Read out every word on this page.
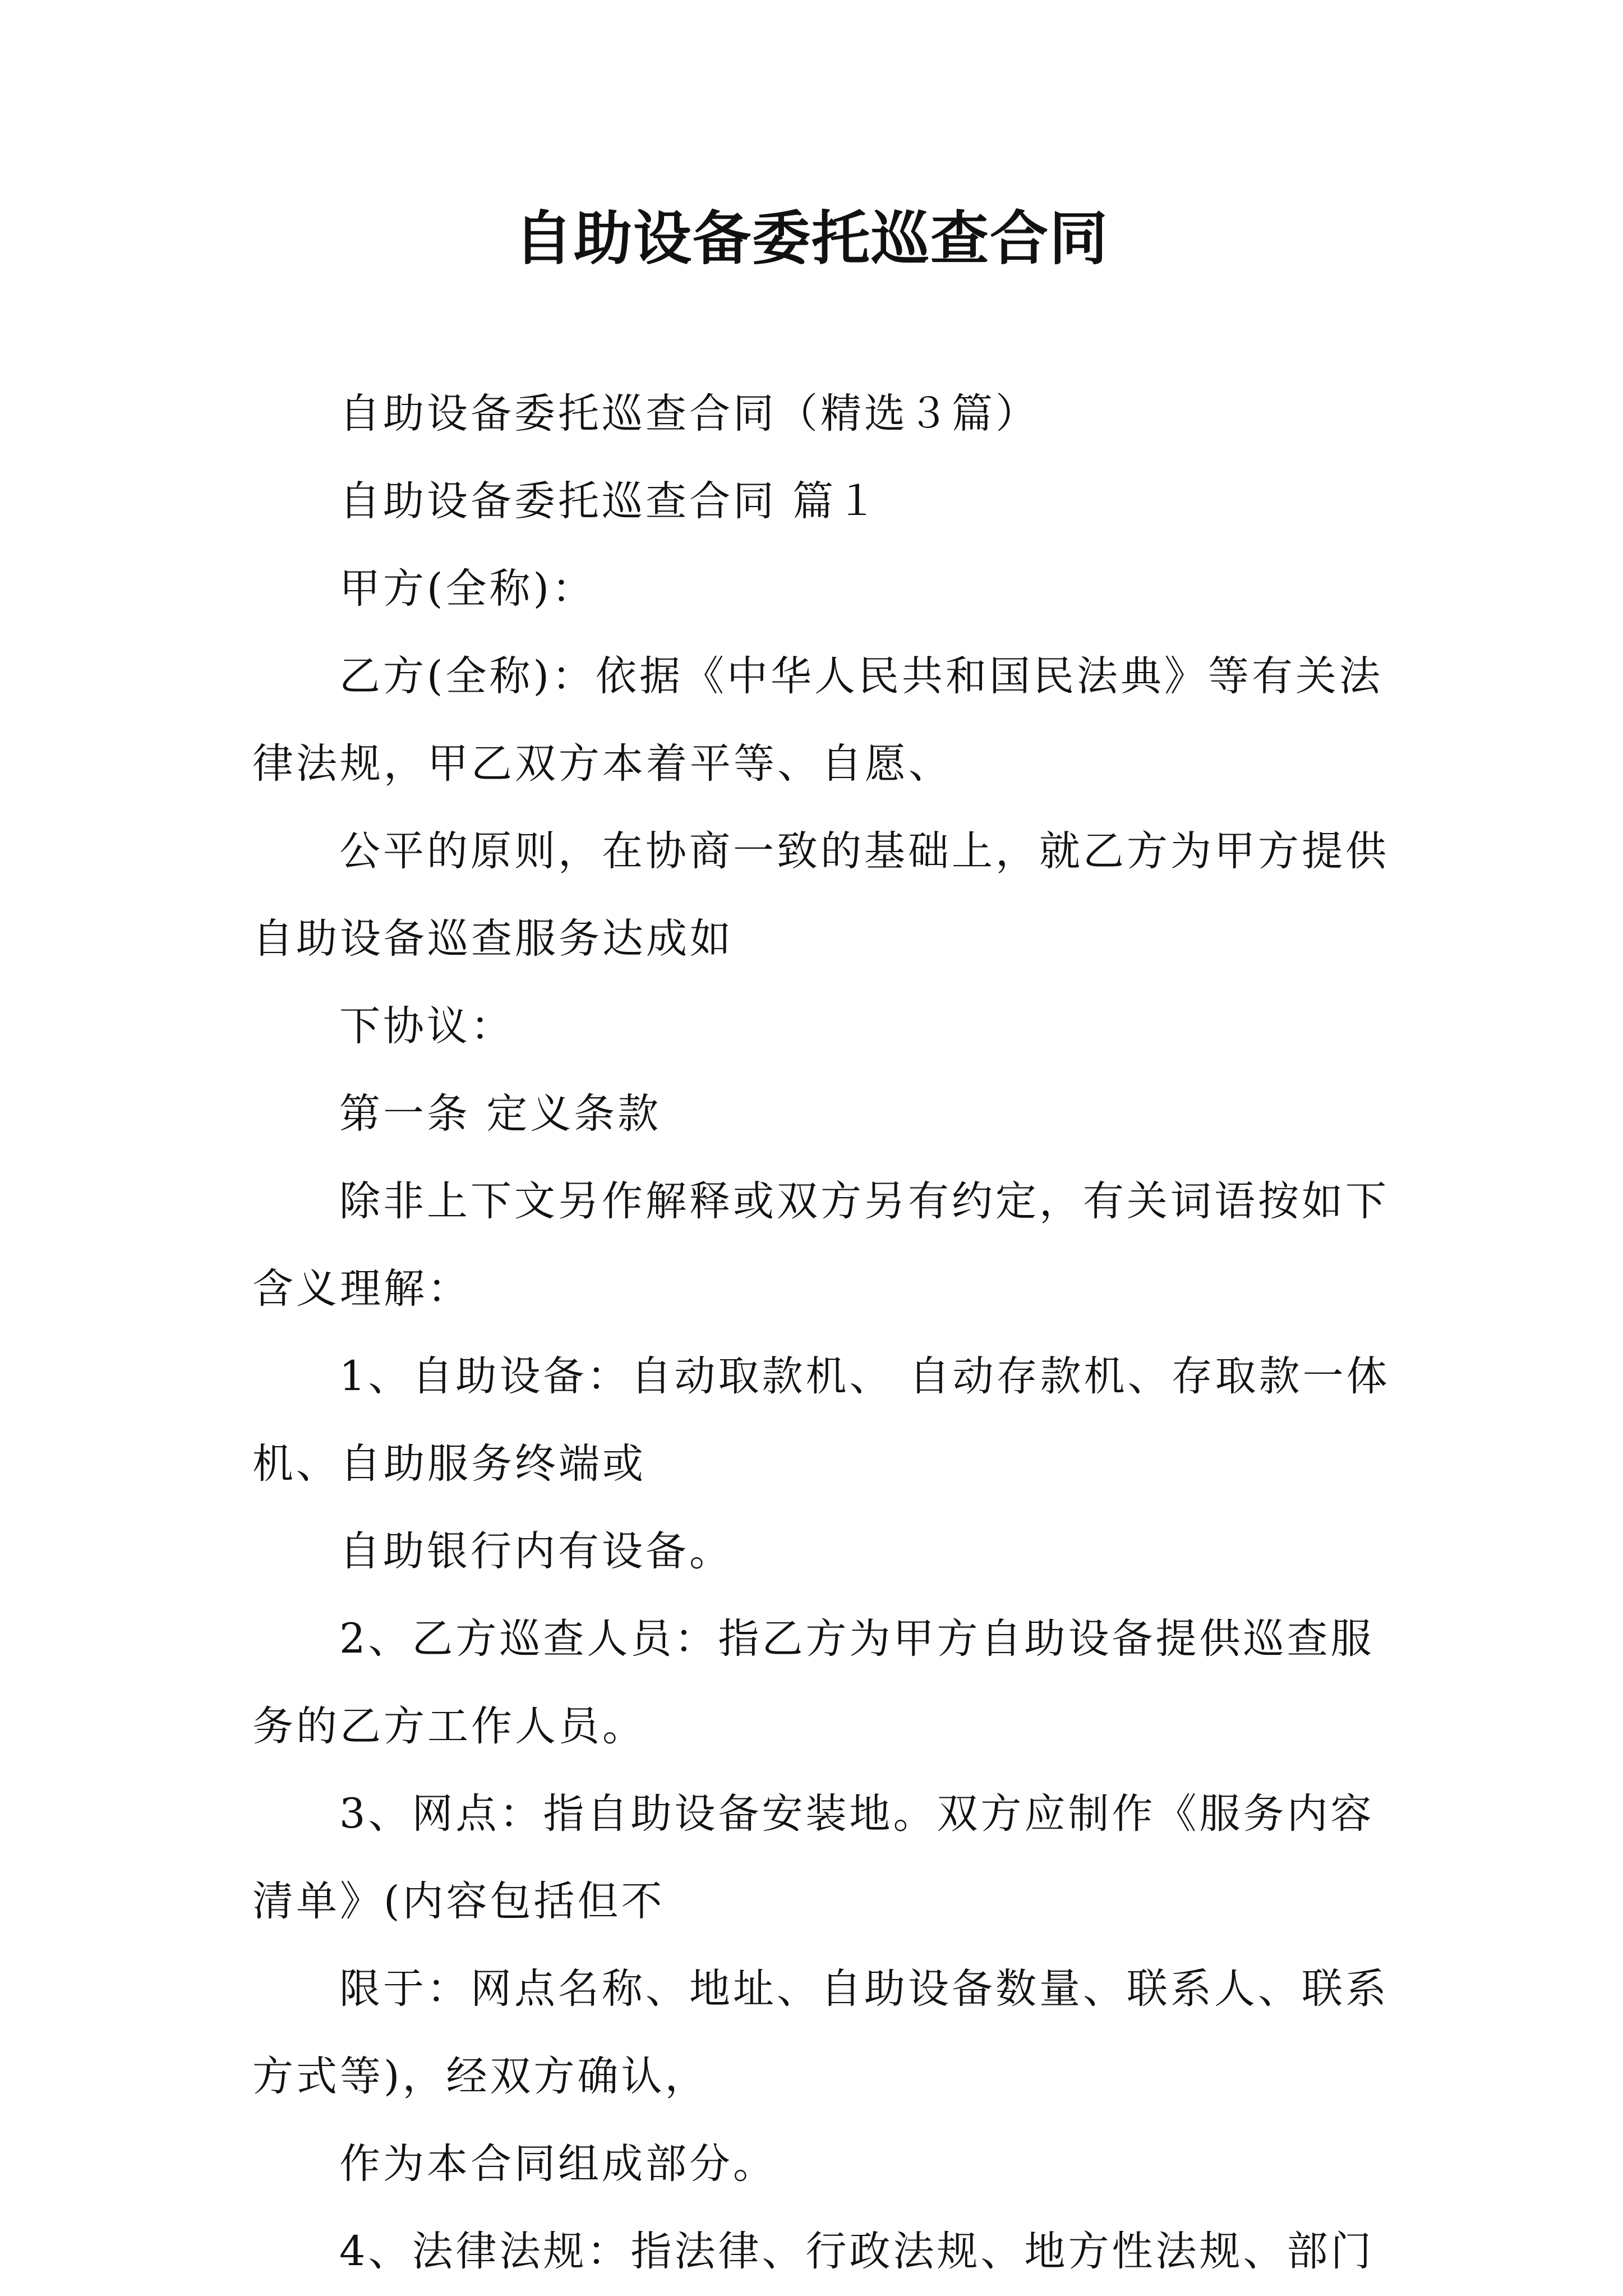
自助设备委托巡查合同

自助设备委托巡查合同（精选３篇）

自助设备委托巡查合同 篇１

甲方(全称)：

乙方(全称)：依据《中华人民共和国民法典》等有关法

律法规，甲乙双方本着平等、自愿、

公平的原则，在协商一致的基础上，就乙方为甲方提供

自助设备巡查服务达成如

下协议：

第一条 定义条款

除非上下文另作解释或双方另有约定，有关词语按如下

含义理解：

1、自助设备：自动取款机、 自动存款机、存取款一体

机、自助服务终端或

自助银行内有设备。

2、乙方巡查人员：指乙方为甲方自助设备提供巡查服

务的乙方工作人员。

3、网点：指自助设备安装地。双方应制作《服务内容

清单》(内容包括但不

限于：网点名称、地址、自助设备数量、联系人、联系

方式等)，经双方确认，

作为本合同组成部分。

4、法律法规：指法律、行政法规、地方性法规、部门
